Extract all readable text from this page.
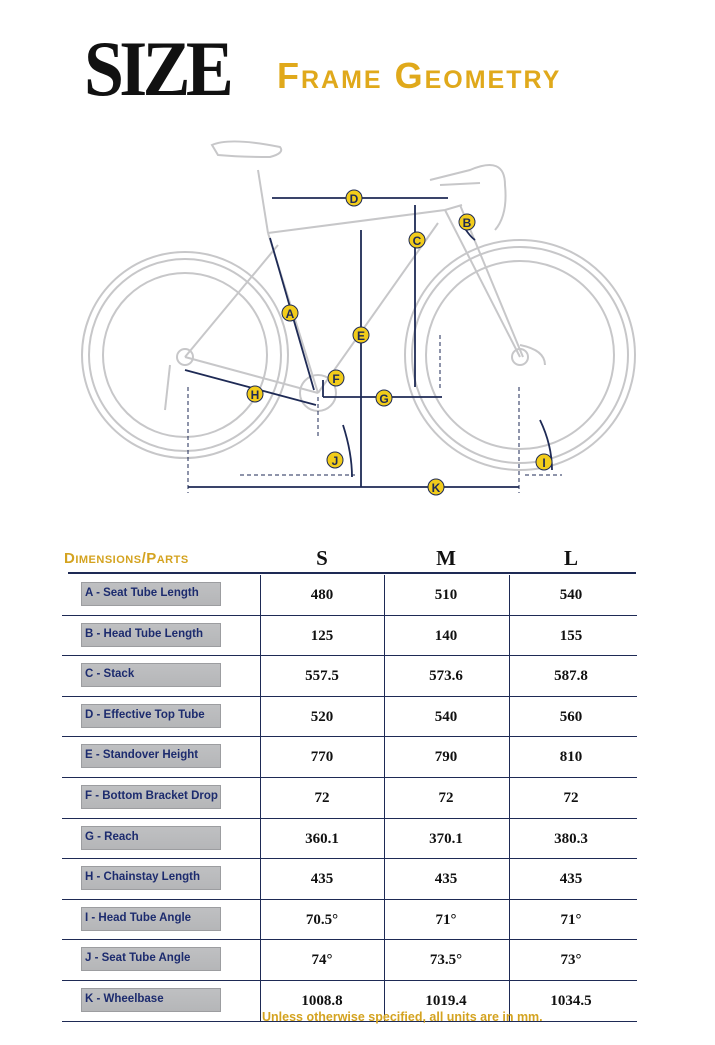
SIZE Frame Geometry
D
B
C
A
E
F
G
H
I
J
K
Dimensions/Parts	S	M	L
A - Seat Tube Length	480	510	540
B - Head Tube Length	125	140	155
C - Stack	557.5	573.6	587.8
D - Effective Top Tube	520	540	560
E - Standover Height	770	790	810
F - Bottom Bracket Drop	72	72	72
G - Reach	360.1	370.1	380.3
H - Chainstay Length	435	435	435
I - Head Tube Angle	70.5°	71°	71°
J - Seat Tube Angle	74°	73.5°	73°
K - Wheelbase	1008.8	1019.4	1034.5
Unless otherwise specified, all units are in mm.
